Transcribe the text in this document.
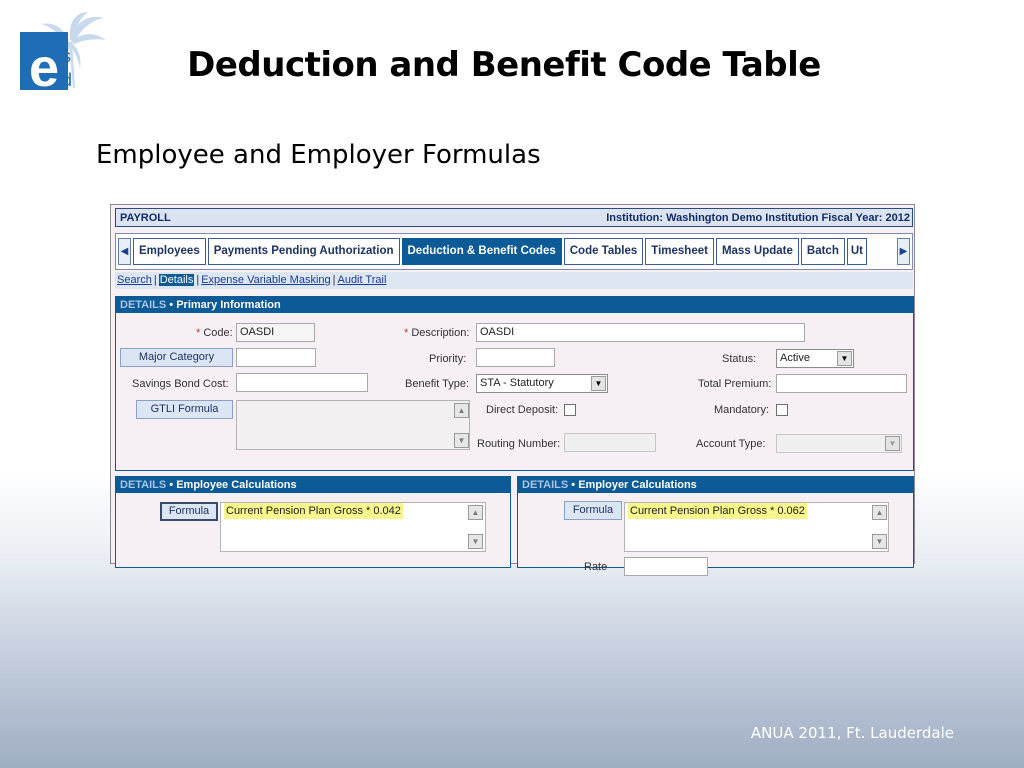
e s
d	Deduction and Benefit Code Table
Employee and Employer Formulas
ANUA 2011, Ft. Lauderdale
PAYROLL	Institution: Washington Demo Institution Fiscal Year: 2012
◀ Employees	Payments Pending Authorization	Deduction & Benefit Codes	Code Tables	Timesheet	Mass Update	Batch	Ut	▶
Search | Details | Expense Variable Masking | Audit Trail
DETAILS • Primary Information
* Code: OASDI	* Description: OASDI
Major Category	Priority:	Status:	Active	▼
Savings Bond Cost:	Benefit Type: STA - Statutory	▼	Total Premium:
GTLI Formula	▲
▼
Direct Deposit:	Mandatory:
Routing Number:	Account Type:	▼
DETAILS • Employee Calculations
Formula	Current Pension Plan Gross * 0.042	▲
▼
DETAILS • Employer Calculations
Formula	Current Pension Plan Gross * 0.062	▲
▼
Rate
